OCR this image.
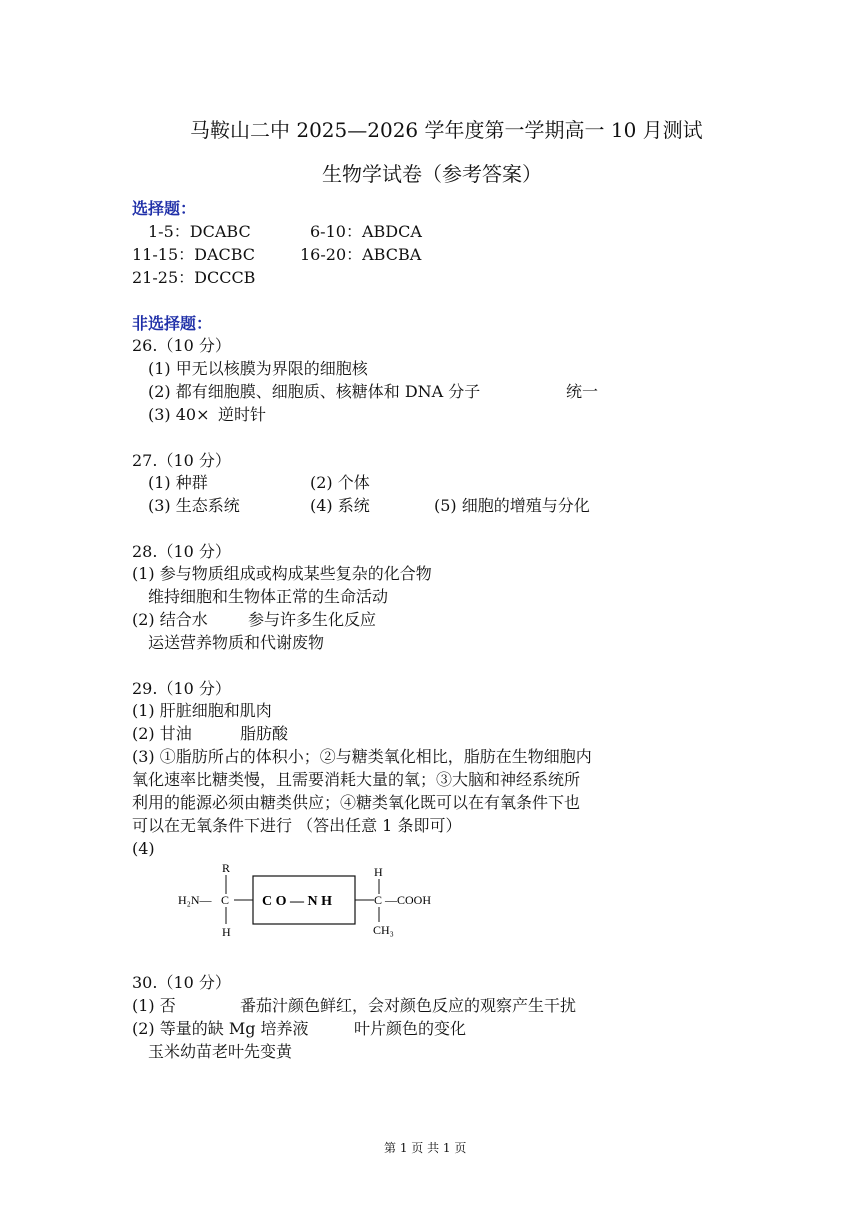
马鞍山二中 2025—2026 学年度第一学期高一 10 月测试
生物学试卷（参考答案）
选择题：
1-5：DCABC	6-10：ABDCA
11-15：DACBC	16-20：ABCBA
21-25：DCCCB
非选择题：
26.（10 分）
(1) 甲无以核膜为界限的细胞核
(2) 都有细胞膜、细胞质、核糖体和 DNA 分子	统一
(3) 40× 逆时针
27.（10 分）
(1) 种群	(2) 个体
(3) 生态系统	(4) 系统	(5) 细胞的增殖与分化
28.（10 分）
(1) 参与物质组成或构成某些复杂的化合物
维持细胞和生物体正常的生命活动
(2) 结合水	参与许多生化反应
运送营养物质和代谢废物
29.（10 分）
(1) 肝脏细胞和肌肉
(2) 甘油	脂肪酸
(3) ①脂肪所占的体积小；②与糖类氧化相比，脂肪在生物细胞内
氧化速率比糖类慢，且需要消耗大量的氧；③大脑和神经系统所
利用的能源必须由糖类供应；④糖类氧化既可以在有氧条件下也
可以在无氧条件下进行 （答出任意 1 条即可）
(4)
R
H₂N— C
H
C O — N H
H
C —COOH
CH₃
30.（10 分）
(1) 否	番茄汁颜色鲜红，会对颜色反应的观察产生干扰
(2) 等量的缺 Mg 培养液	叶片颜色的变化
玉米幼苗老叶先变黄
第 1 页 共 1 页
